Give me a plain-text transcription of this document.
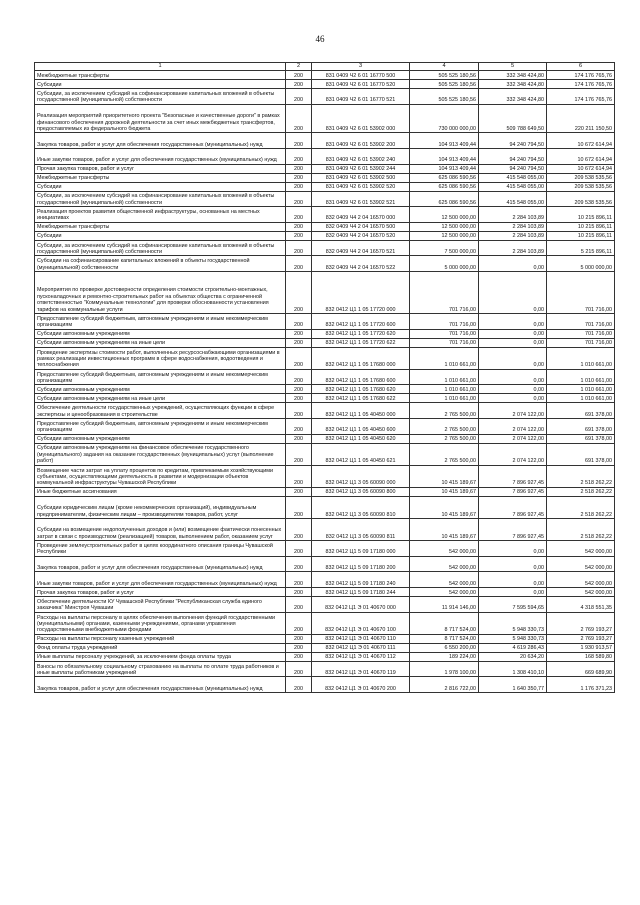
46
1	2	3	4	5	6
Межбюджетные трансферты	200	831 0409 Ч2 6 01 16770 500	505 525 180,56	332 348 424,80	174 176 765,76
Субсидии	200	831 0409 Ч2 6 01 16770 520	505 525 180,56	332 348 424,80	174 176 765,76
Субсидии, за исключением субсидий на софинансирование капитальных вложений в объекты государственной (муниципальной) собственности	200	831 0409 Ч2 6 01 16770 521	505 525 180,56	332 348 424,80	174 176 765,76
Реализация мероприятий приоритетного проекта "Безопасные и качественные дороги" в рамках финансового обеспечения дорожной деятельности за счет иных межбюджетных трансфертов, предоставляемых из федерального бюджета	200	831 0409 Ч2 6 01 53902 000	730 000 000,00	509 788 649,50	220 211 150,50
Закупка товаров, работ и услуг для обеспечения государственных (муниципальных) нужд	200	831 0409 Ч2 6 01 53902 200	104 913 409,44	94 240 794,50	10 672 614,94
Иные закупки товаров, работ и услуг для обеспечения государственных (муниципальных) нужд	200	831 0409 Ч2 6 01 53902 240	104 913 409,44	94 240 794,50	10 672 614,94
Прочая закупка товаров, работ и услуг	200	831 0409 Ч2 6 01 53902 244	104 913 409,44	94 240 794,50	10 672 614,94
Межбюджетные трансферты	200	831 0409 Ч2 6 01 53902 500	625 086 590,56	415 548 055,00	209 538 535,56
Субсидии	200	831 0409 Ч2 6 01 53902 520	625 086 590,56	415 548 055,00	209 538 535,56
Субсидии, за исключением субсидий на софинансирование капитальных вложений в объекты государственной (муниципальной) собственности	200	831 0409 Ч2 6 01 53902 521	625 086 590,56	415 548 055,00	209 538 535,56
Реализация проектов развития общественной инфраструктуры, основанных на местных инициативах	200	832 0409 Ч4 2 04 16570 000	12 500 000,00	2 284 103,89	10 215 896,11
Межбюджетные трансферты	200	832 0409 Ч4 2 04 16570 500	12 500 000,00	2 284 103,89	10 215 896,11
Субсидии	200	832 0409 Ч4 2 04 16570 520	12 500 000,00	2 284 103,89	10 215 896,11
Субсидии, за исключением субсидий на софинансирование капитальных вложений в объекты государственной (муниципальной) собственности	200	832 0409 Ч4 2 04 16570 521	7 500 000,00	2 284 103,89	5 215 896,11
Субсидии на софинансирование капитальных вложений в объекты государственной (муниципальной) собственности	200	832 0409 Ч4 2 04 16570 522	5 000 000,00	0,00	5 000 000,00
Мероприятия по проверке достоверности определения стоимости строительно-монтажных, пусконаладочных и ремонтно-строительных работ на объектах общества с ограниченной ответственностью "Коммунальные технологии" для проверки обоснованности установления тарифов на коммунальные услуги	200	832 0412 Ц1 1 05 17720 000	701 716,00	0,00	701 716,00
Предоставление субсидий бюджетным, автономным учреждениям и иным некоммерческим организациям	200	832 0412 Ц1 1 05 17720 600	701 716,00	0,00	701 716,00
Субсидии автономным учреждениям	200	832 0412 Ц1 1 05 17720 620	701 716,00	0,00	701 716,00
Субсидии автономным учреждениям на иные цели	200	832 0412 Ц1 1 05 17720 622	701 716,00	0,00	701 716,00
Проведение экспертизы стоимости работ, выполненных ресурсоснабжающими организациями в рамках реализации инвестиционных программ в сфере водоснабжения, водоотведения и теплоснабжения	200	832 0412 Ц1 1 05 17680 000	1 010 661,00	0,00	1 010 661,00
Предоставление субсидий бюджетным, автономным учреждениям и иным некоммерческим организациям	200	832 0412 Ц1 1 05 17680 600	1 010 661,00	0,00	1 010 661,00
Субсидии автономным учреждениям	200	832 0412 Ц1 1 05 17680 620	1 010 661,00	0,00	1 010 661,00
Субсидии автономным учреждениям на иные цели	200	832 0412 Ц1 1 05 17680 622	1 010 661,00	0,00	1 010 661,00
Обеспечение деятельности государственных учреждений, осуществляющих функции в сфере экспертизы и ценообразования в строительстве	200	832 0412 Ц1 1 05 40450 000	2 765 500,00	2 074 122,00	691 378,00
Предоставление субсидий бюджетным, автономным учреждениям и иным некоммерческим организациям	200	832 0412 Ц1 1 05 40450 600	2 765 500,00	2 074 122,00	691 378,00
Субсидии автономным учреждениям	200	832 0412 Ц1 1 05 40450 620	2 765 500,00	2 074 122,00	691 378,00
Субсидии автономным учреждениям на финансовое обеспечение государственного (муниципального) задания на оказание государственных (муниципальных) услуг (выполнение работ)	200	832 0412 Ц1 1 05 40450 621	2 765 500,00	2 074 122,00	691 378,00
Возмещение части затрат на уплату процентов по кредитам, привлекаемым хозяйствующими субъектами, осуществляющими деятельность в развитии и модернизации объектов коммунальной инфраструктуры Чувашской Республики	200	832 0412 Ц1 3 05 60090 000	10 415 189,67	7 896 927,45	2 518 262,22
Иные бюджетные ассигнования	200	832 0412 Ц1 3 05 60090 800	10 415 189,67	7 896 927,45	2 518 262,22
Субсидии юридическим лицам (кроме некоммерческих организаций), индивидуальным предпринимателям, физическим лицам – производителям товаров, работ, услуг	200	832 0412 Ц1 3 05 60090 810	10 415 189,67	7 896 927,45	2 518 262,22
Субсидии на возмещение недополученных доходов и (или) возмещение фактически понесенных затрат в связи с производством (реализацией) товаров, выполнением работ, оказанием услуг	200	832 0412 Ц1 3 05 60090 811	10 415 189,67	7 896 927,45	2 518 262,22
Проведение землеустроительных работ в целях координатного описания границы Чувашской Республики	200	832 0412 Ц1 5 09 17180 000	542 000,00	0,00	542 000,00
Закупка товаров, работ и услуг для обеспечения государственных (муниципальных) нужд	200	832 0412 Ц1 5 09 17180 200	542 000,00	0,00	542 000,00
Иные закупки товаров, работ и услуг для обеспечения государственных (муниципальных) нужд	200	832 0412 Ц1 5 09 17180 240	542 000,00	0,00	542 000,00
Прочая закупка товаров, работ и услуг	200	832 0412 Ц1 5 09 17180 244	542 000,00	0,00	542 000,00
Обеспечение деятельности КУ Чувашской Республики "Республиканская служба единого заказчика" Минстроя Чувашии	200	832 0412 Ц1 Э 01 40670 000	11 914 146,00	7 595 594,65	4 318 551,35
Расходы на выплаты персоналу в целях обеспечения выполнения функций государственными (муниципальными) органами, казенными учреждениями, органами управления государственными внебюджетными фондами	200	832 0412 Ц1 Э 01 40670 100	8 717 524,00	5 948 330,73	2 769 193,27
Расходы на выплаты персоналу казенных учреждений	200	832 0412 Ц1 Э 01 40670 110	8 717 524,00	5 948 330,73	2 769 193,27
Фонд оплаты труда учреждений	200	832 0412 Ц1 Э 01 40670 111	6 550 200,00	4 619 286,43	1 930 913,57
Иные выплаты персоналу учреждений, за исключением фонда оплаты труда	200	832 0412 Ц1 Э 01 40670 112	189 224,00	20 634,20	168 589,80
Взносы по обязательному социальному страхованию на выплаты по оплате труда работников и иные выплаты работникам учреждений	200	832 0412 Ц1 Э 01 40670 119	1 978 100,00	1 308 410,10	669 689,90
Закупка товаров, работ и услуг для обеспечения государственных (муниципальных) нужд	200	832 0412 Ц1 Э 01 40670 200	2 816 722,00	1 640 350,77	1 176 371,23
